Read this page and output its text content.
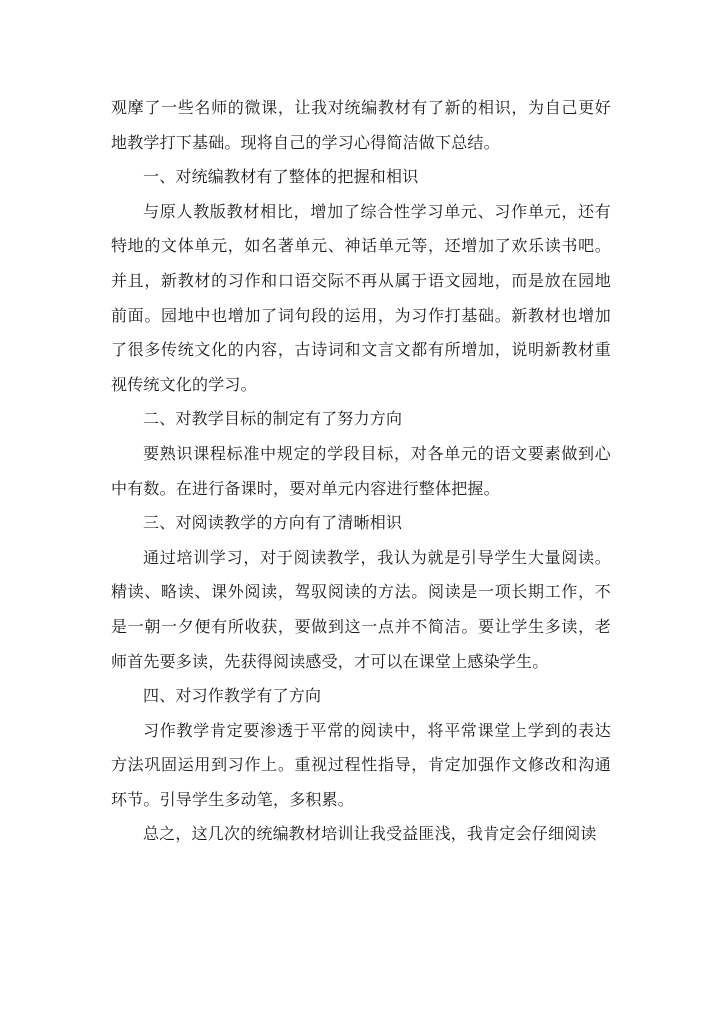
观摩了一些名师的微课，让我对统编教材有了新的相识，为自己更好地教学打下基础。现将自己的学习心得简洁做下总结。

一、对统编教材有了整体的把握和相识

与原人教版教材相比，增加了综合性学习单元、习作单元，还有特地的文体单元，如名著单元、神话单元等，还增加了欢乐读书吧。并且，新教材的习作和口语交际不再从属于语文园地，而是放在园地前面。园地中也增加了词句段的运用，为习作打基础。新教材也增加了很多传统文化的内容，古诗词和文言文都有所增加，说明新教材重视传统文化的学习。

二、对教学目标的制定有了努力方向

要熟识课程标准中规定的学段目标，对各单元的语文要素做到心中有数。在进行备课时，要对单元内容进行整体把握。

三、对阅读教学的方向有了清晰相识

通过培训学习，对于阅读教学，我认为就是引导学生大量阅读。精读、略读、课外阅读，驾驭阅读的方法。阅读是一项长期工作，不是一朝一夕便有所收获，要做到这一点并不简洁。要让学生多读，老师首先要多读，先获得阅读感受，才可以在课堂上感染学生。

四、对习作教学有了方向

习作教学肯定要渗透于平常的阅读中，将平常课堂上学到的表达方法巩固运用到习作上。重视过程性指导，肯定加强作文修改和沟通环节。引导学生多动笔，多积累。

总之，这几次的统编教材培训让我受益匪浅，我肯定会仔细阅读
